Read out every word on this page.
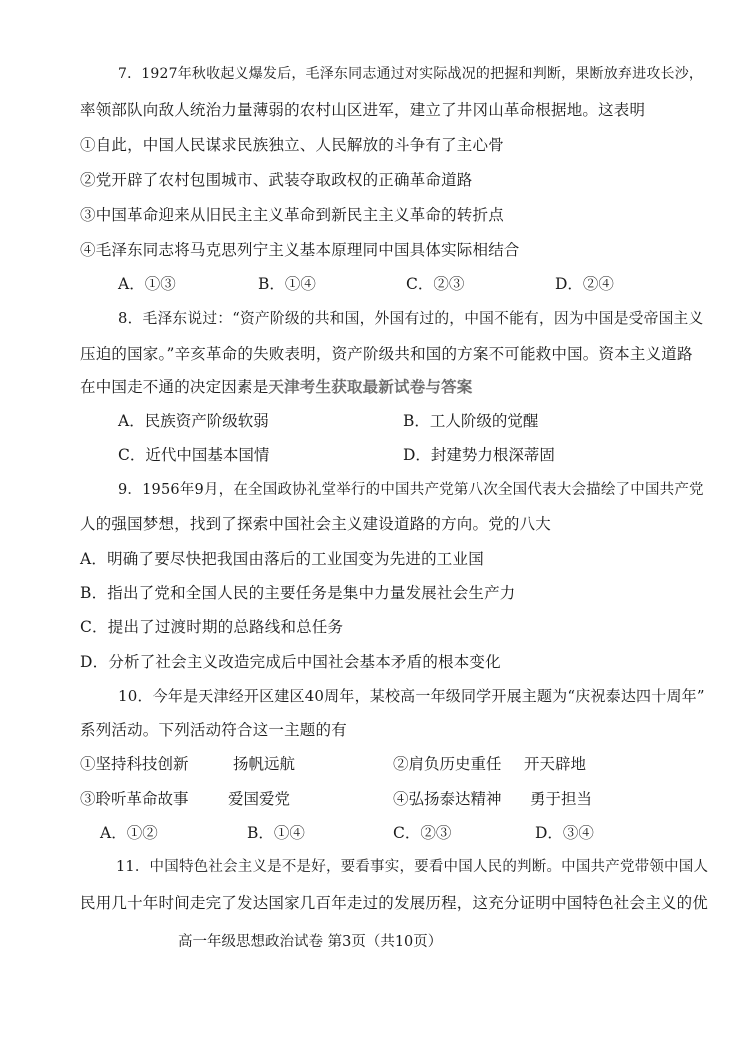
7．1927年秋收起义爆发后，毛泽东同志通过对实际战况的把握和判断，果断放弃进攻长沙，
率领部队向敌人统治力量薄弱的农村山区进军，建立了井冈山革命根据地。这表明
①自此，中国人民谋求民族独立、人民解放的斗争有了主心骨
②党开辟了农村包围城市、武装夺取政权的正确革命道路
③中国革命迎来从旧民主主义革命到新民主主义革命的转折点
④毛泽东同志将马克思列宁主义基本原理同中国具体实际相结合
A．①③	B．①④	C．②③	D．②④
8．毛泽东说过：“资产阶级的共和国，外国有过的，中国不能有，因为中国是受帝国主义
压迫的国家。”辛亥革命的失败表明，资产阶级共和国的方案不可能救中国。资本主义道路
在中国走不通的决定因素是天津考生获取最新试卷与答案
A．民族资产阶级软弱	B．工人阶级的觉醒
C．近代中国基本国情	D．封建势力根深蒂固
9．1956年9月，在全国政协礼堂举行的中国共产党第八次全国代表大会描绘了中国共产党
人的强国梦想，找到了探索中国社会主义建设道路的方向。党的八大
A．明确了要尽快把我国由落后的工业国变为先进的工业国
B．指出了党和全国人民的主要任务是集中力量发展社会生产力
C．提出了过渡时期的总路线和总任务
D．分析了社会主义改造完成后中国社会基本矛盾的根本变化
10．今年是天津经开区建区40周年，某校高一年级同学开展主题为“庆祝泰达四十周年”
系列活动。下列活动符合这一主题的有
①坚持科技创新	扬帆远航	②肩负历史重任 开天辟地
③聆听革命故事	爱国爱党	④弘扬泰达精神 勇于担当
A．①②	B．①④	C．②③	D．③④
11．中国特色社会主义是不是好，要看事实，要看中国人民的判断。中国共产党带领中国人
民用几十年时间走完了发达国家几百年走过的发展历程，这充分证明中国特色社会主义的优
高一年级思想政治试卷 第3页（共10页）
